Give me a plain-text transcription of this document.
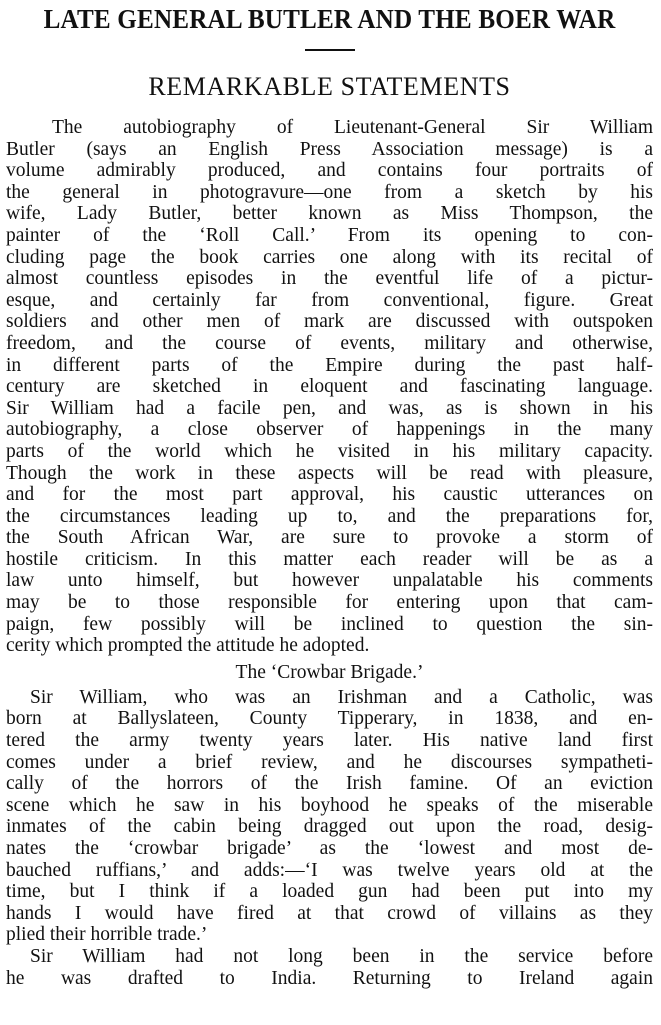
LATE GENERAL BUTLER AND THE BOER WAR
REMARKABLE STATEMENTS

The autobiography of Lieutenant-General Sir William
Butler (says an English Press Association message) is a
volume admirably produced, and contains four portraits of
the general in photogravure—one from a sketch by his
wife, Lady Butler, better known as Miss Thompson, the
painter of the ‘Roll Call.’ From its opening to con-
cluding page the book carries one along with its recital of
almost countless episodes in the eventful life of a pictur-
esque, and certainly far from conventional, figure. Great
soldiers and other men of mark are discussed with outspoken
freedom, and the course of events, military and otherwise,
in different parts of the Empire during the past half-
century are sketched in eloquent and fascinating language.
Sir William had a facile pen, and was, as is shown in his
autobiography, a close observer of happenings in the many
parts of the world which he visited in his military capacity.
Though the work in these aspects will be read with pleasure,
and for the most part approval, his caustic utterances on
the circumstances leading up to, and the preparations for,
the South African War, are sure to provoke a storm of
hostile criticism. In this matter each reader will be as a
law unto himself, but however unpalatable his comments
may be to those responsible for entering upon that cam-
paign, few possibly will be inclined to question the sin-
cerity which prompted the attitude he adopted.

The ‘Crowbar Brigade.’

Sir William, who was an Irishman and a Catholic, was
born at Ballyslateen, County Tipperary, in 1838, and en-
tered the army twenty years later. His native land first
comes under a brief review, and he discourses sympatheti-
cally of the horrors of the Irish famine. Of an eviction
scene which he saw in his boyhood he speaks of the miserable
inmates of the cabin being dragged out upon the road, desig-
nates the ‘crowbar brigade’ as the ‘lowest and most de-
bauched ruffians,’ and adds:—‘I was twelve years old at the
time, but I think if a loaded gun had been put into my
hands I would have fired at that crowd of villains as they
plied their horrible trade.’

Sir William had not long been in the service before
he was drafted to India. Returning to Ireland again
